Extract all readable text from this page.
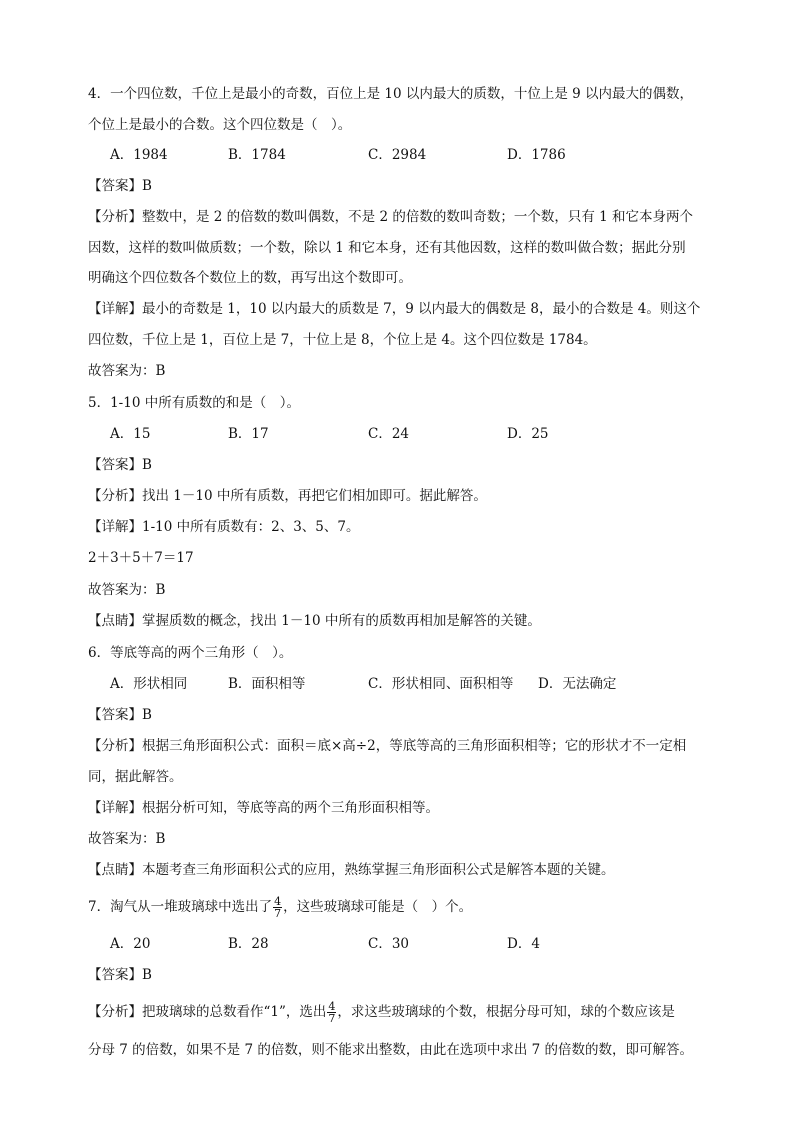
4．一个四位数，千位上是最小的奇数，百位上是 10 以内最大的质数，十位上是 9 以内最大的偶数，
个位上是最小的合数。这个四位数是（　）。
A．1984	B．1784	C．2984	D．1786
【答案】B
【分析】整数中，是 2 的倍数的数叫偶数，不是 2 的倍数的数叫奇数；一个数，只有 1 和它本身两个
因数，这样的数叫做质数；一个数，除以 1 和它本身，还有其他因数，这样的数叫做合数；据此分别
明确这个四位数各个数位上的数，再写出这个数即可。
【详解】最小的奇数是 1，10 以内最大的质数是 7，9 以内最大的偶数是 8，最小的合数是 4。则这个
四位数，千位上是 1，百位上是 7，十位上是 8，个位上是 4。这个四位数是 1784。
故答案为：B
5．1-10 中所有质数的和是（　）。
A．15	B．17	C．24	D．25
【答案】B
【分析】找出 1－10 中所有质数，再把它们相加即可。据此解答。
【详解】1-10 中所有质数有：2、3、5、7。
2＋3＋5＋7＝17
故答案为：B
【点睛】掌握质数的概念，找出 1－10 中所有的质数再相加是解答的关键。
6．等底等高的两个三角形（　）。
A．形状相同	B．面积相等	C．形状相同、面积相等 D．无法确定
【答案】B
【分析】根据三角形面积公式：面积＝底×高÷2，等底等高的三角形面积相等；它的形状才不一定相
同，据此解答。
【详解】根据分析可知，等底等高的两个三角形面积相等。
故答案为：B
【点睛】本题考查三角形面积公式的应用，熟练掌握三角形面积公式是解答本题的关键。
7．淘气从一堆玻璃球中选出了 $\frac{4}{7}$ ，这些玻璃球可能是（　）个。
A．20	B．28	C．30	D．4
【答案】B
【分析】把玻璃球的总数看作“1”，选出 $\frac{4}{7}$ ，求这些玻璃球的个数，根据分母可知，球的个数应该是
分母 7 的倍数，如果不是 7 的倍数，则不能求出整数，由此在选项中求出 7 的倍数的数，即可解答。
